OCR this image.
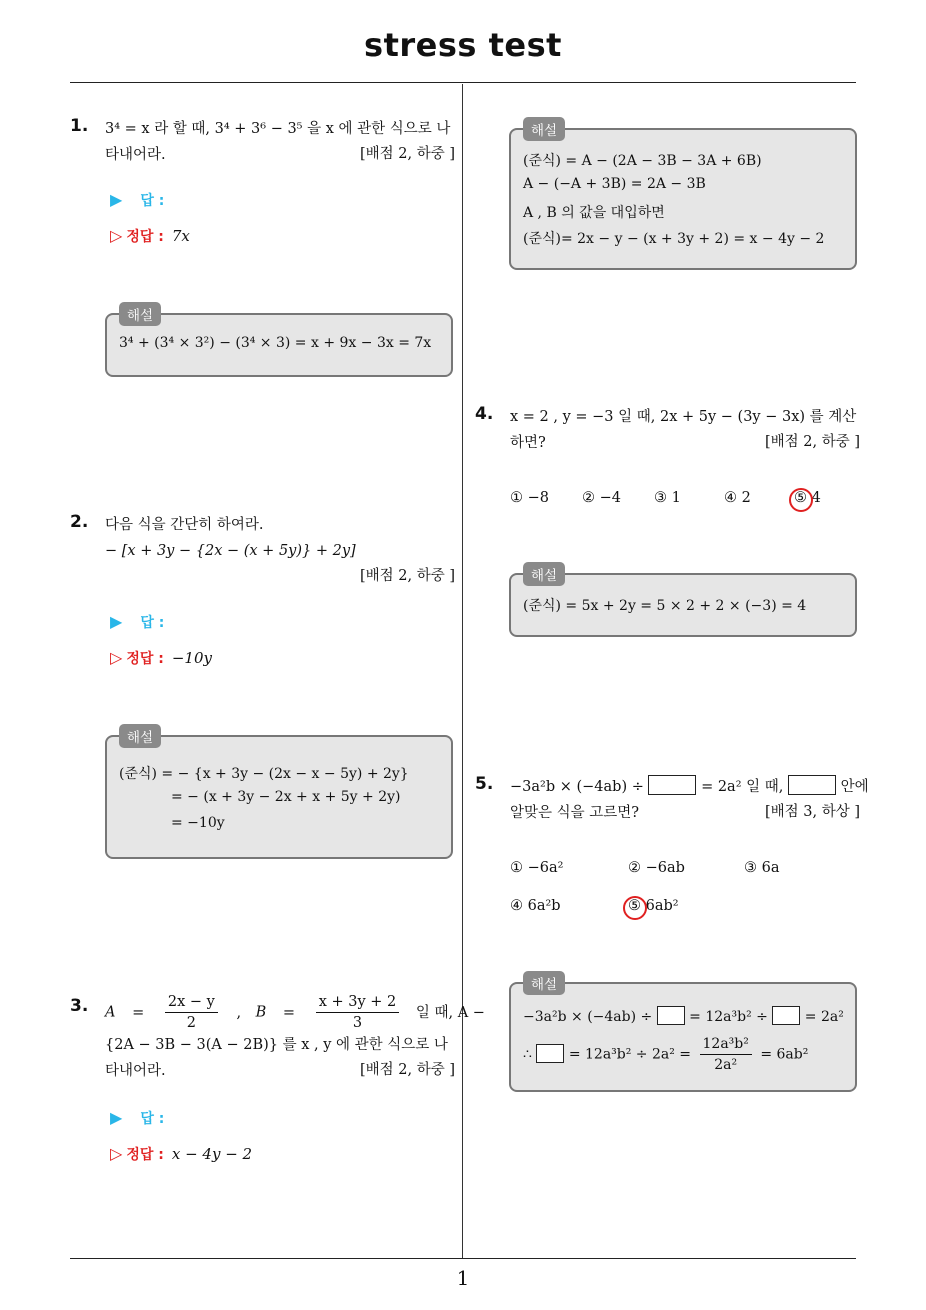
stress test
1
1. 3⁴ = x 라 할 때, 3⁴ + 3⁶ − 3⁵ 을 x 에 관한 식으로 나타내어라.	[배점 2, 하중 ]
▶ 답 :
▷ 정답 : 7x
해설
3⁴ + (3⁴ × 3²) − (3⁴ × 3) = x + 9x − 3x = 7x
2. 다음 식을 간단히 하여라.
− [x + 3y − {2x − (x + 5y)} + 2y]
[배점 2, 하중 ]
▶ 답 :
▷ 정답 : −10y
해설
(준식) = − {x + 3y − (2x − x − 5y) + 2y}
= − (x + 3y − 2x + x + 5y + 2y)
= −10y
3. $A = \frac{2x - y}{2}$ , $B = \frac{x + 3y + 2}{3}$ 일 때, A −
{2A − 3B − 3(A − 2B)} 를 x , y 에 관한 식으로 나
타내어라.	[배점 2, 하중 ]
▶ 답 :
▷ 정답 : x − 4y − 2
해설
(준식) = A − (2A − 3B − 3A + 6B)
A − (−A + 3B) = 2A − 3B
A , B 의 값을 대입하면
(준식)= 2x − y − (x + 3y + 2) = x − 4y − 2
4. x = 2 , y = −3 일 때, 2x + 5y − (3y − 3x) 를 계산하면?	[배점 2, 하중 ]
① −8 ② −4 ③ 1	④ 2	⑤ 4
해설
(준식) = 5x + 2y = 5 × 2 + 2 × (−3) = 4
5. −3a²b × (−4ab) ÷	= 2a² 일 때,	안에
알맞은 식을 고르면?	[배점 3, 하상 ]
① −6a²	② −6ab	③ 6a
④ 6a²b	⑤ 6ab²
해설
−3a²b × (−4ab) ÷	= 12a³b² ÷	= 2a²
∴	= $12a^3b^2 \div 2a^2 = \frac{\text{12a³b²}}{\text{2a²}} = 6ab^2$
